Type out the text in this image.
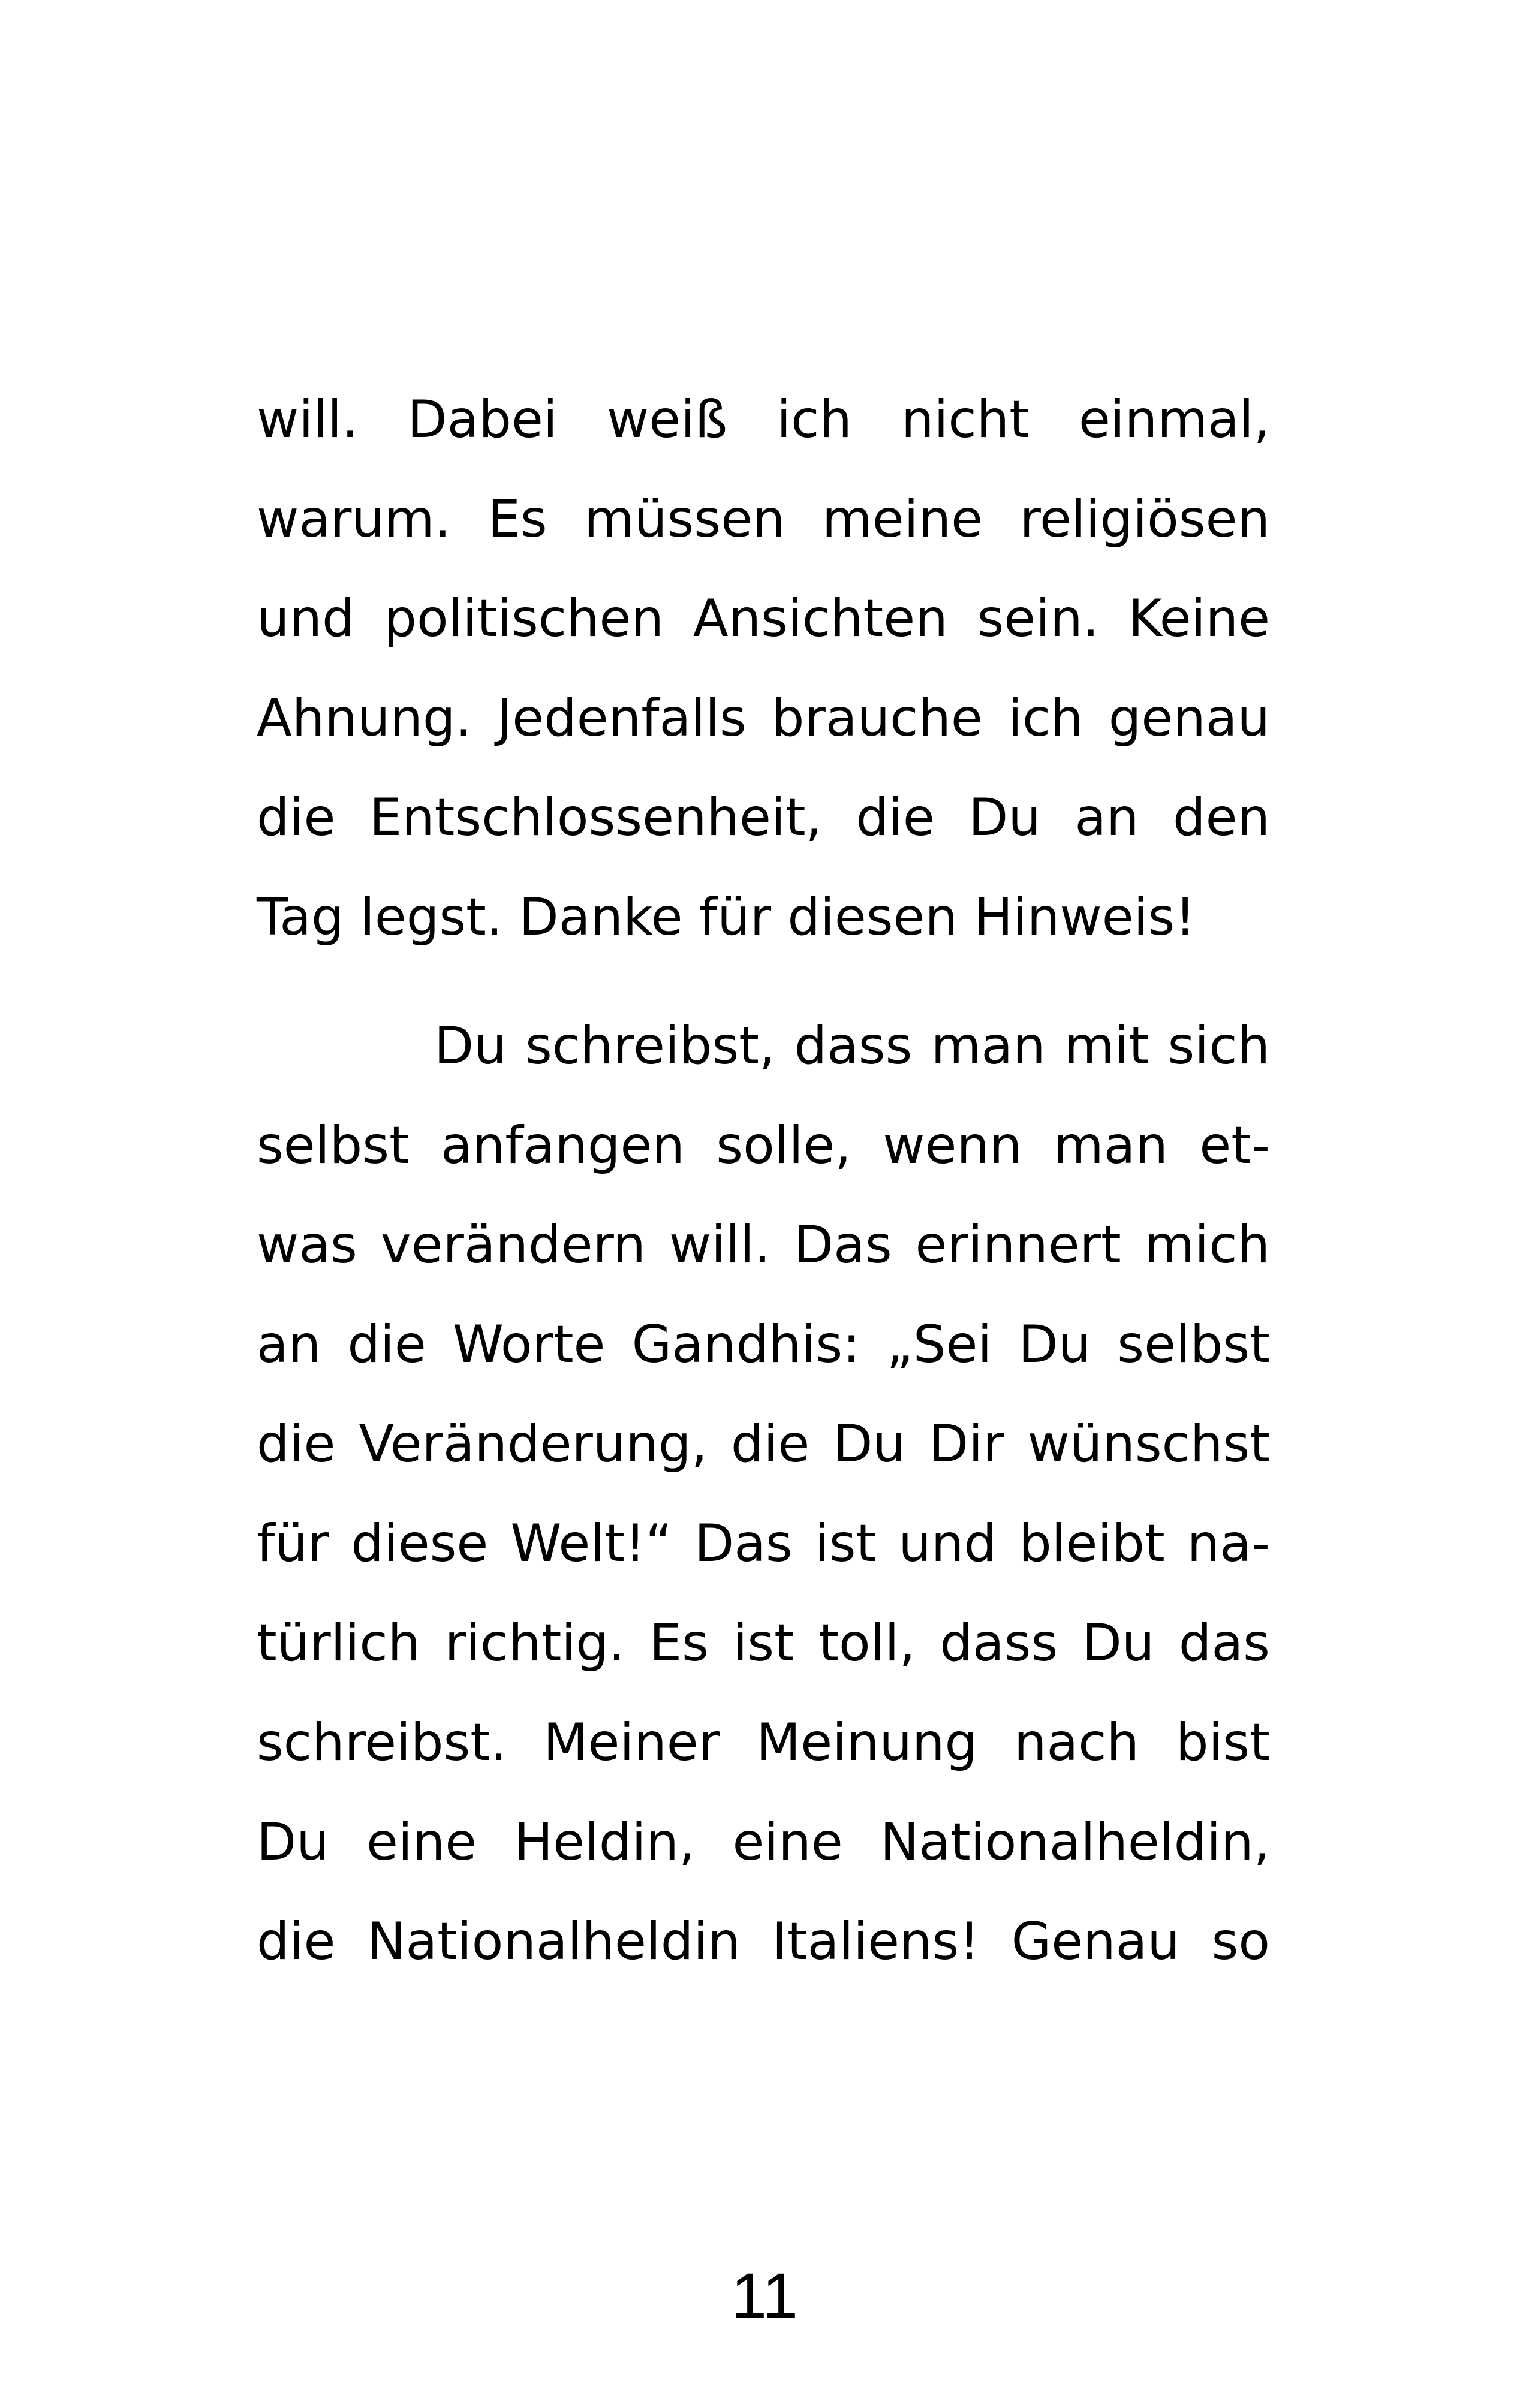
will. Dabei weiß ich nicht einmal,
warum. Es müssen meine religiösen
und politischen Ansichten sein. Keine
Ahnung. Jedenfalls brauche ich genau
die Entschlossenheit, die Du an den
Tag legst. Danke für diesen Hinweis!
Du schreibst, dass man mit sich
selbst anfangen solle, wenn man et-
was verändern will. Das erinnert mich
an die Worte Gandhis: „Sei Du selbst
die Veränderung, die Du Dir wünschst
für diese Welt!“ Das ist und bleibt na-
türlich richtig. Es ist toll, dass Du das
schreibst. Meiner Meinung nach bist
Du eine Heldin, eine Nationalheldin,
die Nationalheldin Italiens! Genau so
11
